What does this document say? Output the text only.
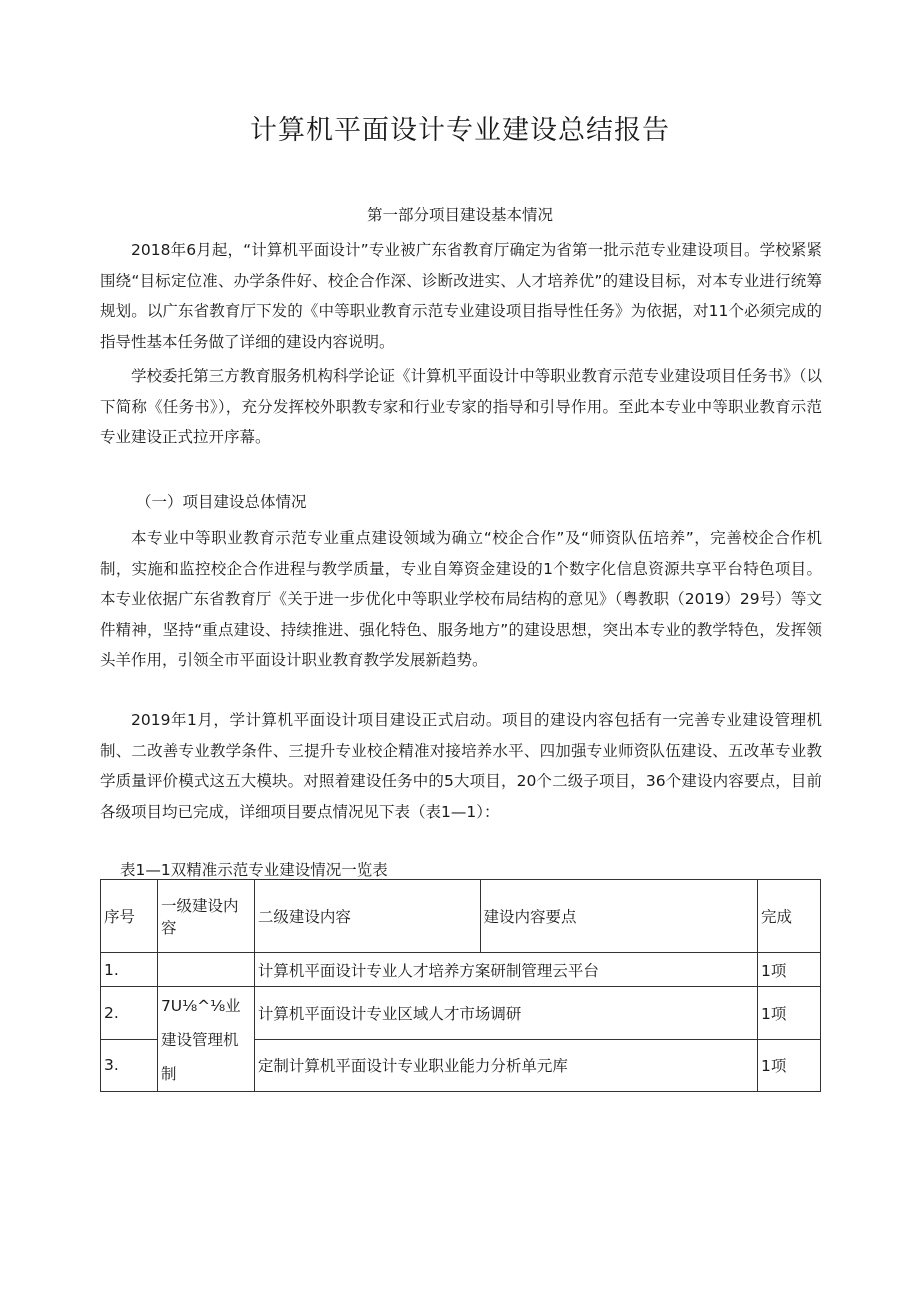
计算机平面设计专业建设总结报告
第一部分项目建设基本情况

2018年6月起，“计算机平面设计”专业被广东省教育厅确定为省第一批示范专业建设项目。学校紧紧围绕“目标定位准、办学条件好、校企合作深、诊断改进实、人才培养优”的建设目标，对本专业进行统筹规划。以广东省教育厅下发的《中等职业教育示范专业建设项目指导性任务》为依据，对11个必须完成的指导性基本任务做了详细的建设内容说明。

学校委托第三方教育服务机构科学论证《计算机平面设计中等职业教育示范专业建设项目任务书》（以下简称《任务书》），充分发挥校外职教专家和行业专家的指导和引导作用。至此本专业中等职业教育示范专业建设正式拉开序幕。

（一）项目建设总体情况

本专业中等职业教育示范专业重点建设领域为确立“校企合作”及“师资队伍培养”，完善校企合作机制，实施和监控校企合作进程与教学质量，专业自筹资金建设的1个数字化信息资源共享平台特色项目。本专业依据广东省教育厅《关于进一步优化中等职业学校布局结构的意见》（粤教职（2019）29号）等文件精神，坚持“重点建设、持续推进、强化特色、服务地方”的建设思想，突出本专业的教学特色，发挥领头羊作用，引领全市平面设计职业教育教学发展新趋势。

2019年1月，学计算机平面设计项目建设正式启动。项目的建设内容包括有一完善专业建设管理机制、二改善专业教学条件、三提升专业校企精准对接培养水平、四加强专业师资队伍建设、五改革专业教学质量评价模式这五大模块。对照着建设任务中的5大项目，20个二级子项目，36个建设内容要点，目前各级项目均已完成，详细项目要点情况见下表（表1—1）：

表1—1双精准示范专业建设情况一览表
序号	一级建设内容	二级建设内容	建设内容要点	完成
1.		计算机平面设计专业人才培养方案研制管理云平台		1项
2.	7U⅛^⅛业建设管理机制	计算机平面设计专业区域人才市场调研		1项
3.		定制计算机平面设计专业职业能力分析单元库		1项
